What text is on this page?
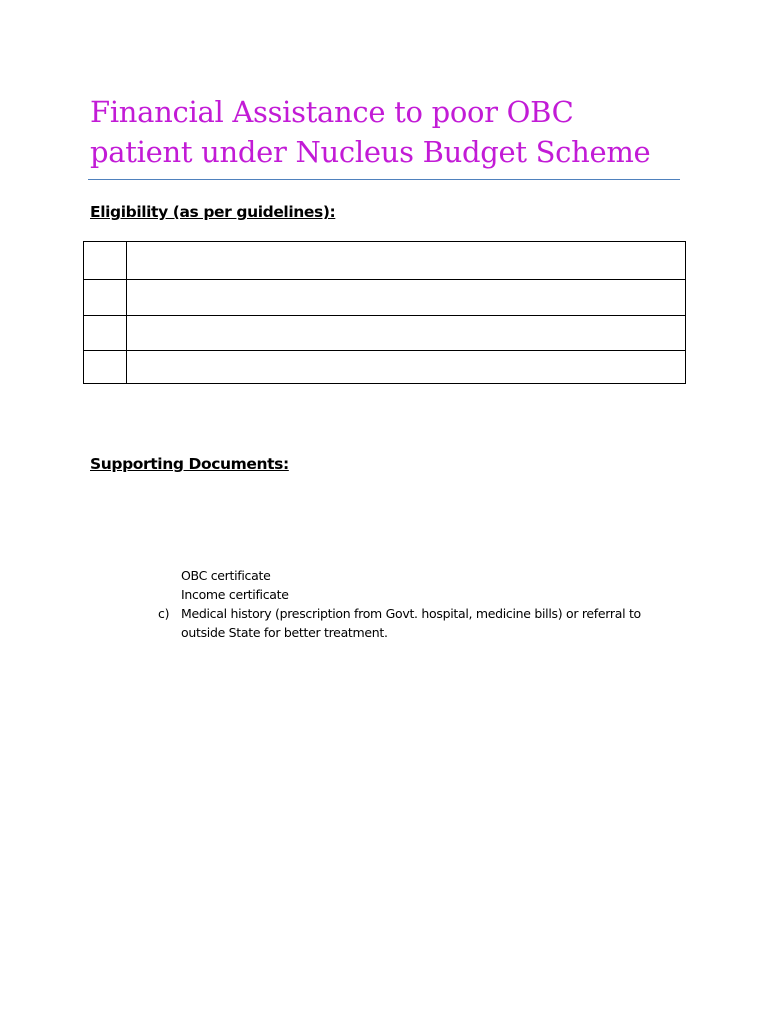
Financial Assistance to poor OBC
patient under Nucleus Budget Scheme
Eligibility (as per guidelines):

Supporting Documents:
OBC certificate
Income certificate
c) Medical history (prescription from Govt. hospital, medicine bills) or referral to outside State for better treatment.
